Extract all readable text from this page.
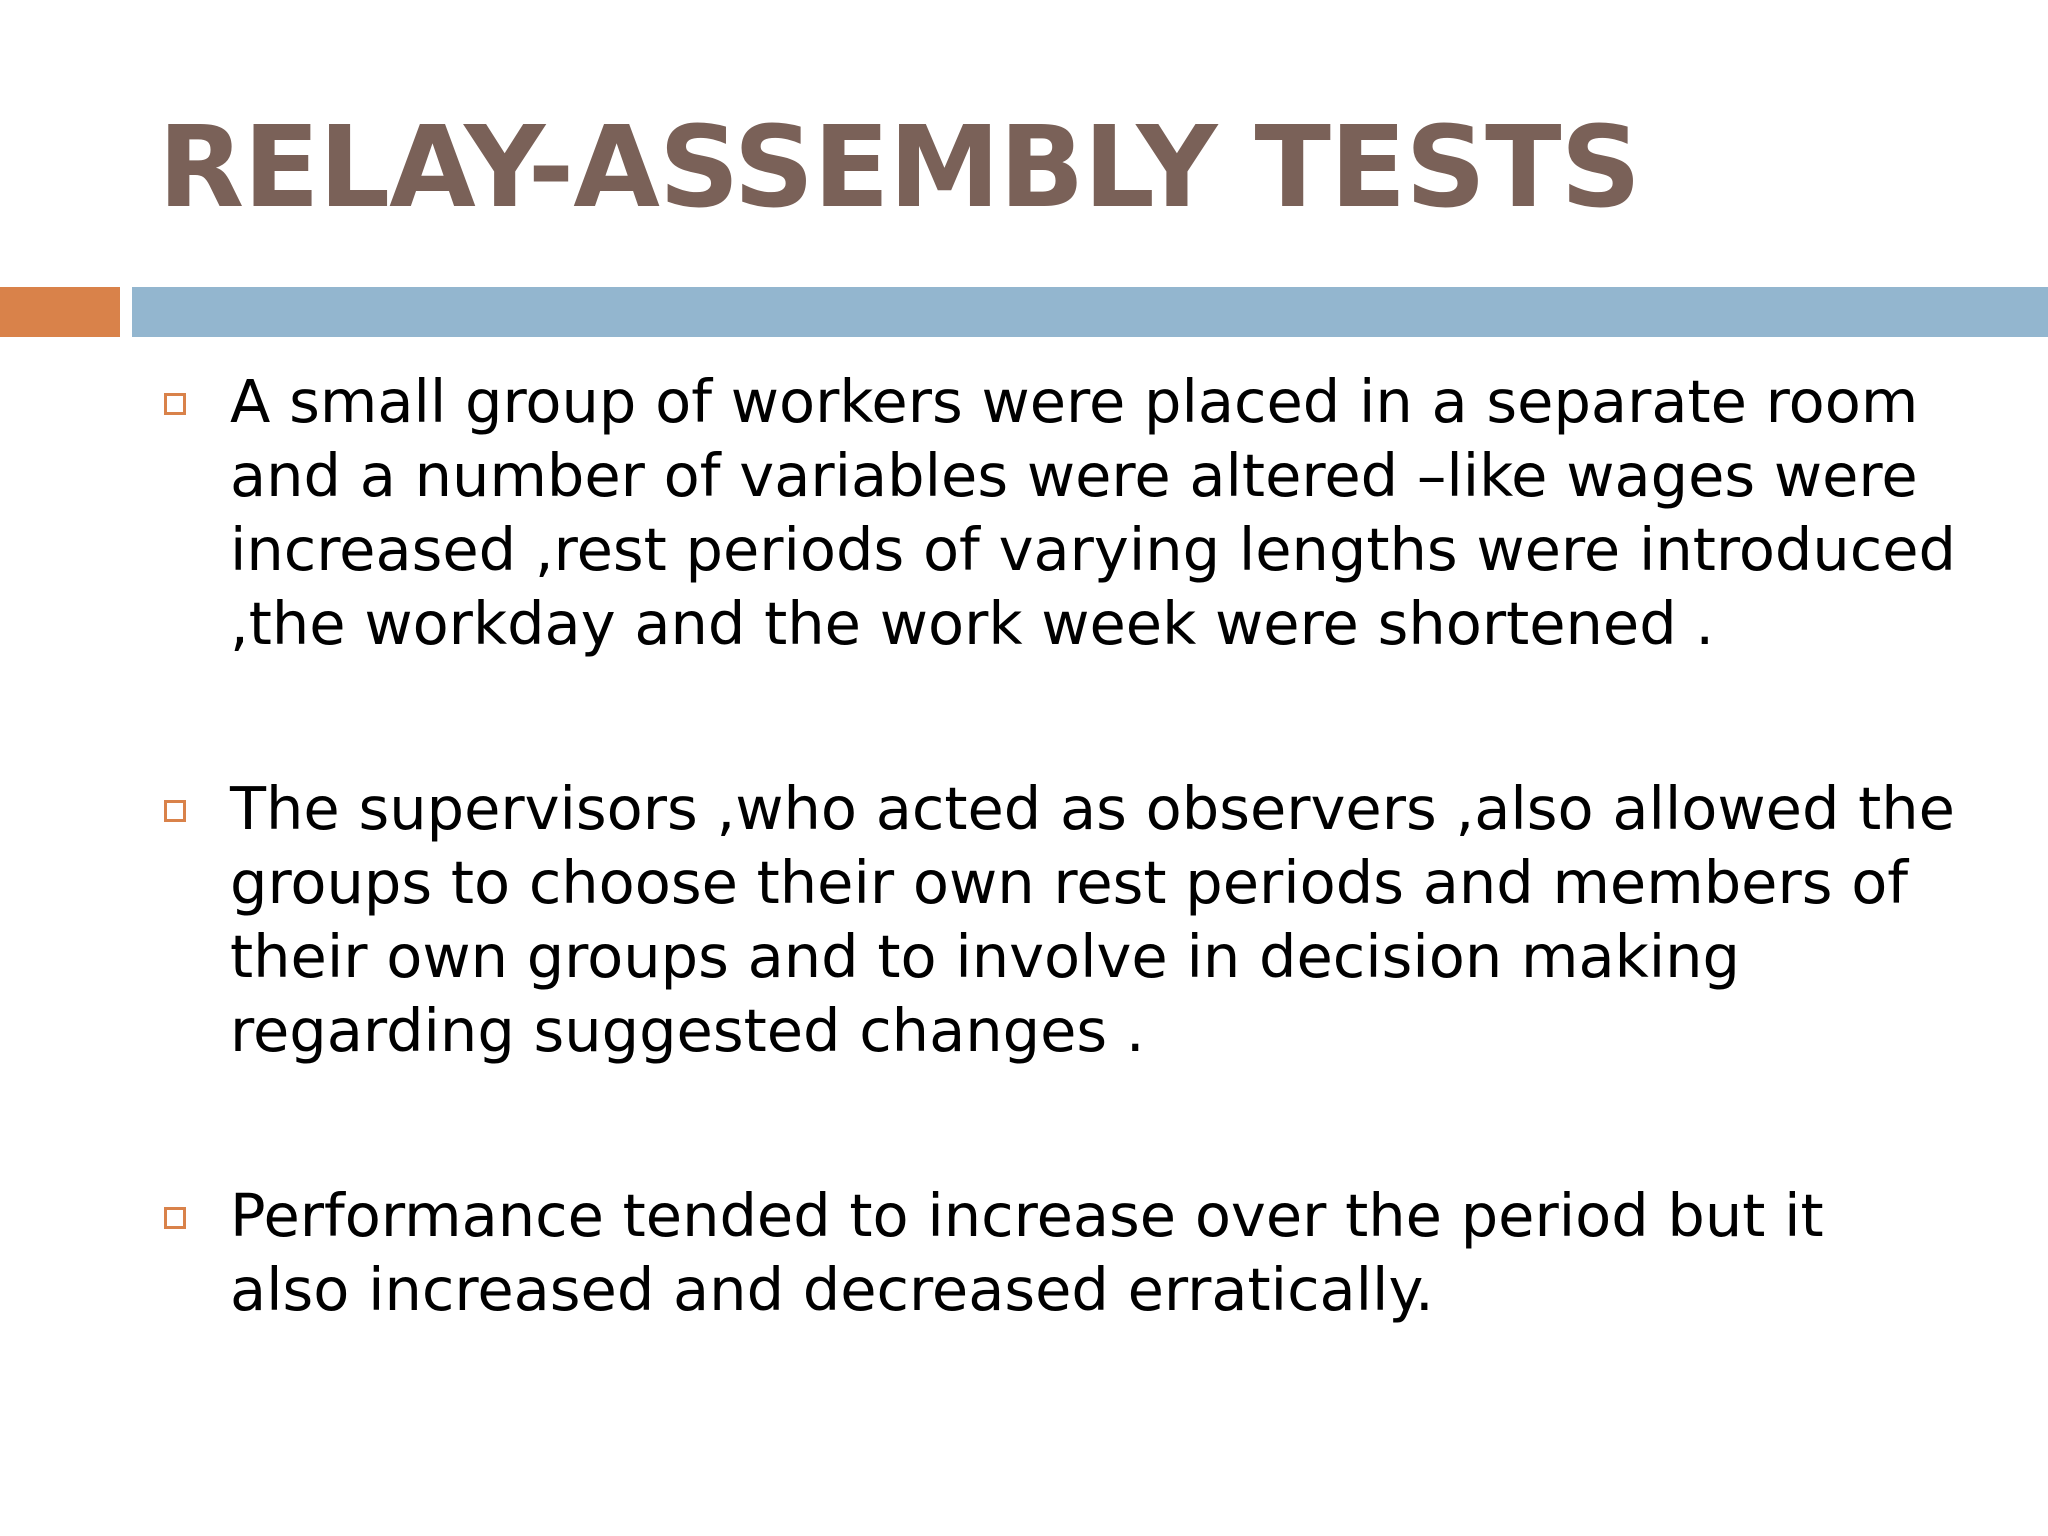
RELAY-ASSEMBLY TESTS
A small group of workers were placed in a separate room and a number of variables were altered –like wages were increased ,rest periods of varying lengths were introduced ,the workday and the work week were shortened .
The supervisors ,who acted as observers ,also allowed the groups to choose their own rest periods and members of their own groups and to involve in decision making regarding suggested changes .
Performance tended to increase over the period but it also increased and decreased erratically.
